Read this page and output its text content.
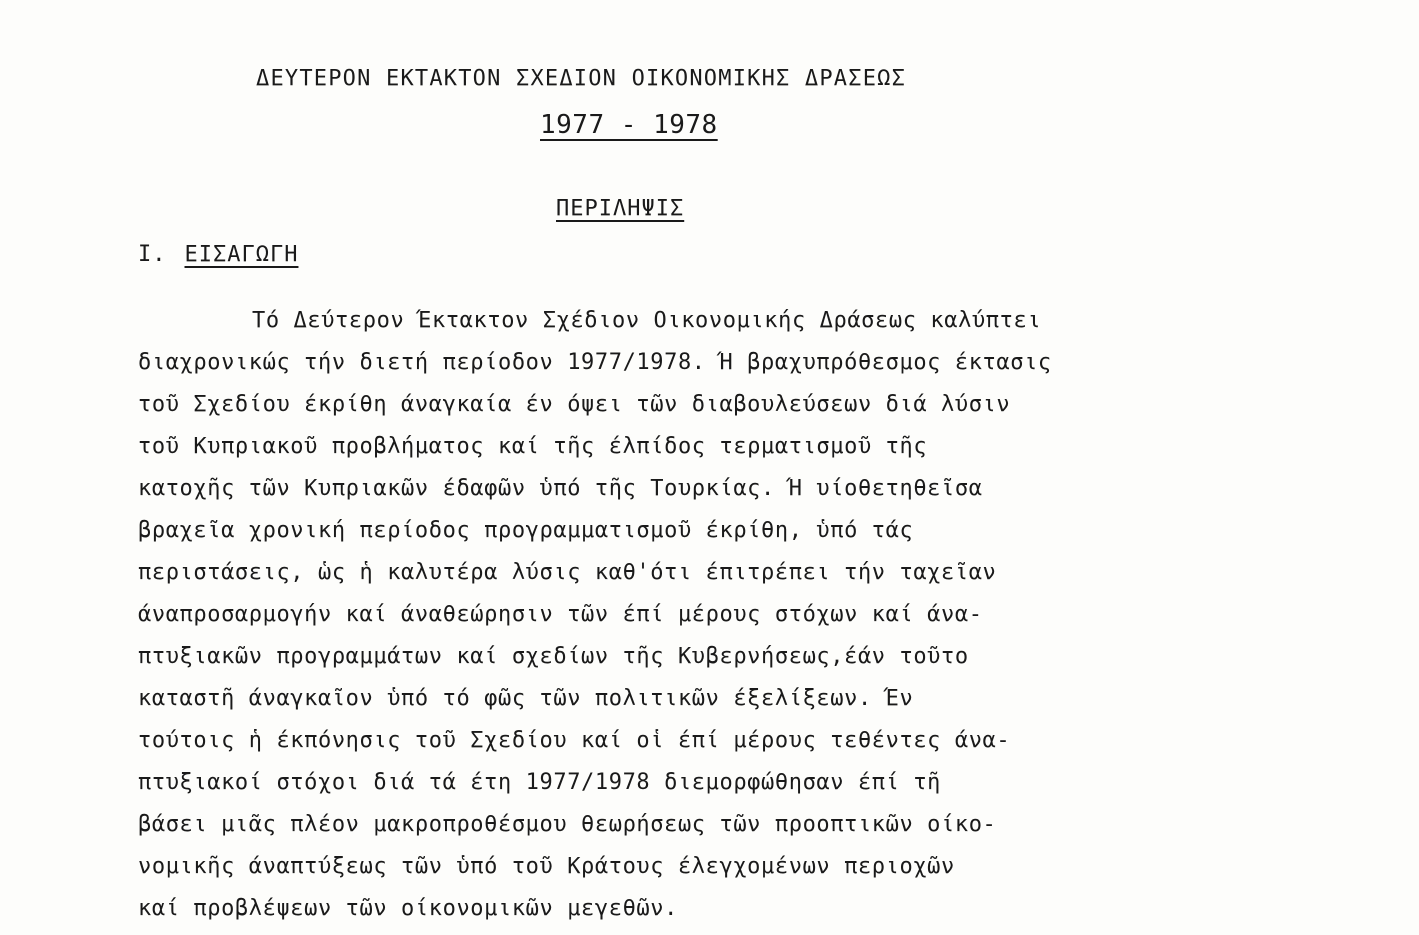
ΔΕΥΤΕΡΟΝ ΕΚΤΑΚΤΟΝ ΣΧΕΔΙΟΝ ΟΙΚΟΝΟΜΙΚΗΣ ΔΡΑΣΕΩΣ
1977 - 1978
ΠΕΡΙΛΗΨΙΣ
I. ΕΙΣΑΓΩΓΗ
Τό Δεύτερον Έκτακτον Σχέδιον Οικονομικής Δράσεως καλύπτει
διαχρονικώς τήν διετή περίοδον 1977/1978. Ή βραχυπρόθεσμος έκτασις
τοῦ Σχεδίου έκρίθη άναγκαία έν όψει τῶν διαβουλεύσεων διά λύσιν
τοῦ Κυπριακοῦ προβλήματος καί τῆς έλπίδος τερματισμοῦ τῆς
κατοχῆς τῶν Κυπριακῶν έδαφῶν ὑπό τῆς Τουρκίας. Ή υίοθετηθεῖσα
βραχεῖα χρονική περίοδος προγραμματισμοῦ έκρίθη, ὑπό τάς
περιστάσεις, ὡς ἡ καλυτέρα λύσις καθ'ότι έπιτρέπει τήν ταχεῖαν
άναπροσαρμογήν καί άναθεώρησιν τῶν έπί μέρους στόχων καί άνα-
πτυξιακῶν προγραμμάτων καί σχεδίων τῆς Κυβερνήσεως,έάν τοῦτο
καταστῆ άναγκαῖον ὑπό τό φῶς τῶν πολιτικῶν έξελίξεων. Έν
τούτοις ἡ έκπόνησις τοῦ Σχεδίου καί οἱ έπί μέρους τεθέντες άνα-
πτυξιακοί στόχοι διά τά έτη 1977/1978 διεμορφώθησαν έπί τῆ
βάσει μιᾶς πλέον μακροπροθέσμου θεωρήσεως τῶν προοπτικῶν οίκο-
νομικῆς άναπτύξεως τῶν ὑπό τοῦ Κράτους έλεγχομένων περιοχῶν
καί προβλέψεων τῶν οίκονομικῶν μεγεθῶν.
